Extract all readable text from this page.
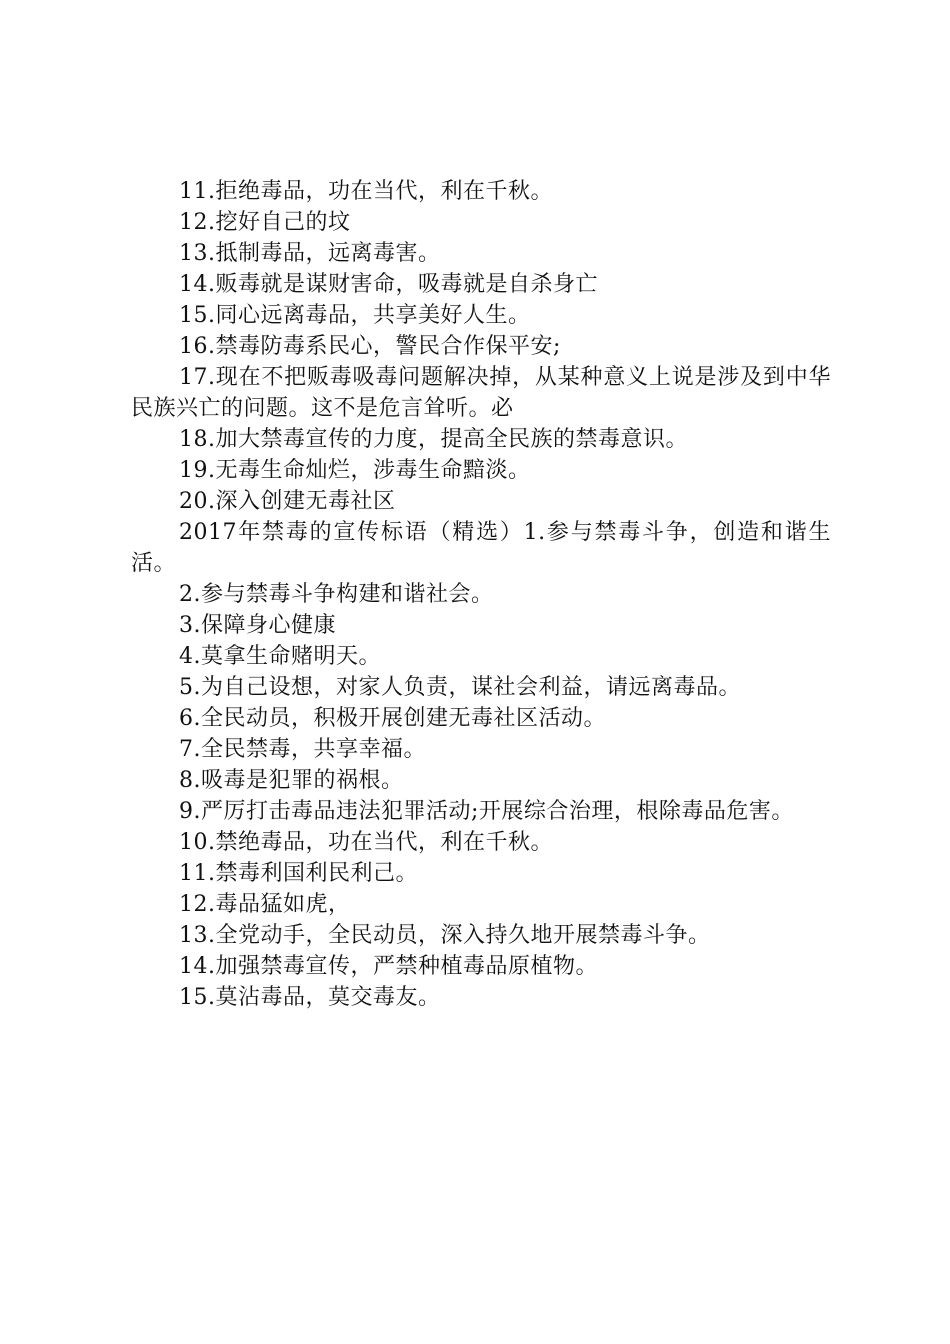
11.拒绝毒品，功在当代，利在千秋。

12.挖好自己的坟

13.抵制毒品，远离毒害。

14.贩毒就是谋财害命，吸毒就是自杀身亡

15.同心远离毒品，共享美好人生。

16.禁毒防毒系民心，警民合作保平安;

17.现在不把贩毒吸毒问题解决掉，从某种意义上说是涉及到中华民族兴亡的问题。这不是危言耸听。必

18.加大禁毒宣传的力度，提高全民族的禁毒意识。

19.无毒生命灿烂，涉毒生命黯淡。

20.深入创建无毒社区

2017年禁毒的宣传标语（精选）1.参与禁毒斗争，创造和谐生活。

2.参与禁毒斗争构建和谐社会。

3.保障身心健康

4.莫拿生命赌明天。

5.为自己设想，对家人负责，谋社会利益，请远离毒品。

6.全民动员，积极开展创建无毒社区活动。

7.全民禁毒，共享幸福。

8.吸毒是犯罪的祸根。

9.严厉打击毒品违法犯罪活动;开展综合治理，根除毒品危害。

10.禁绝毒品，功在当代，利在千秋。

11.禁毒利国利民利己。

12.毒品猛如虎，

13.全党动手，全民动员，深入持久地开展禁毒斗争。

14.加强禁毒宣传，严禁种植毒品原植物。

15.莫沾毒品，莫交毒友。
